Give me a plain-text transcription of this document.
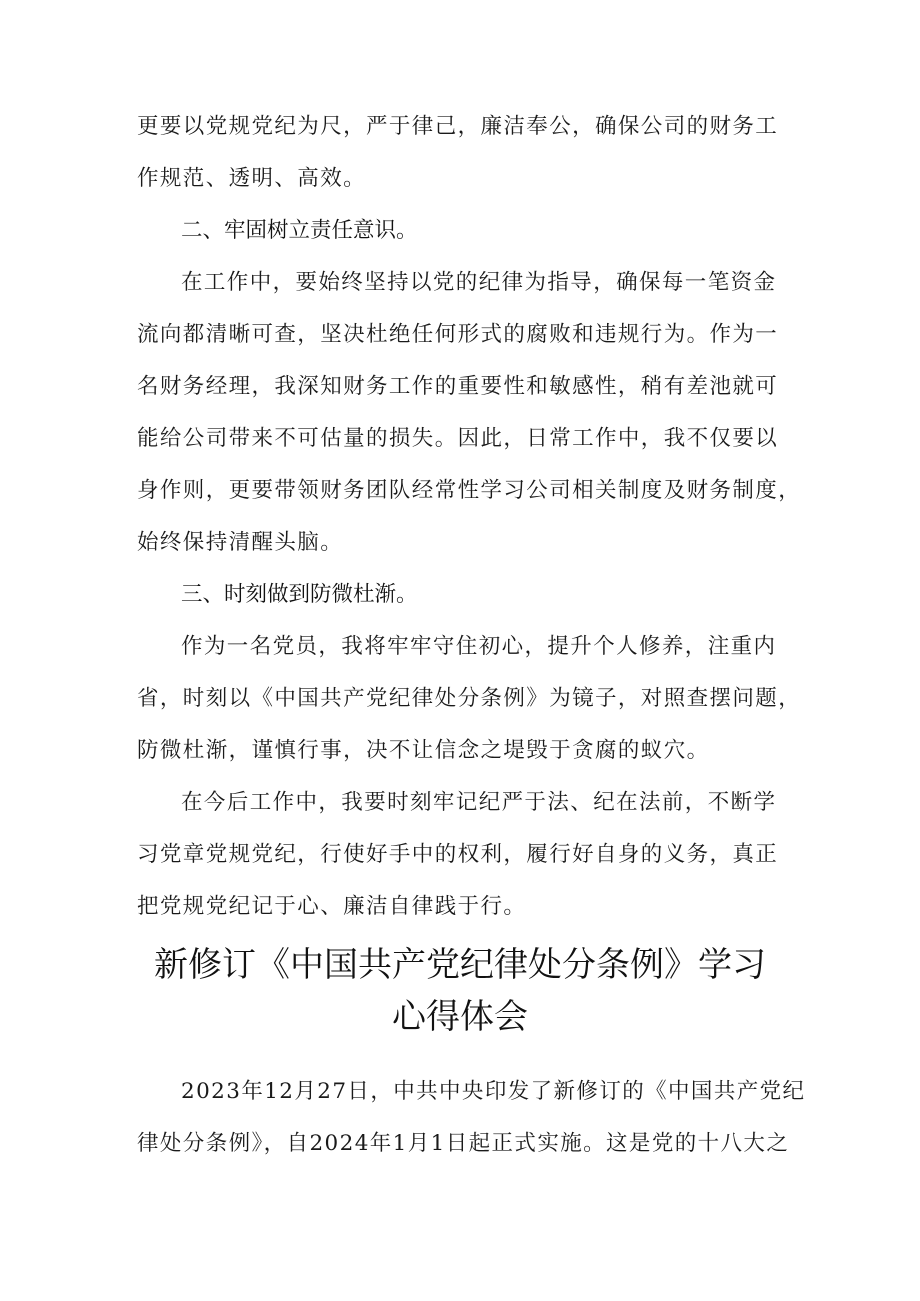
更要以党规党纪为尺，严于律己，廉洁奉公，确保公司的财务工
作规范、透明、高效。
二、牢固树立责任意识。
在工作中，要始终坚持以党的纪律为指导，确保每一笔资金
流向都清晰可查，坚决杜绝任何形式的腐败和违规行为。作为一
名财务经理，我深知财务工作的重要性和敏感性，稍有差池就可
能给公司带来不可估量的损失。因此，日常工作中，我不仅要以
身作则，更要带领财务团队经常性学习公司相关制度及财务制度，
始终保持清醒头脑。
三、时刻做到防微杜渐。
作为一名党员，我将牢牢守住初心，提升个人修养，注重内
省，时刻以《中国共产党纪律处分条例》为镜子，对照查摆问题，
防微杜渐，谨慎行事，决不让信念之堤毁于贪腐的蚁穴。
在今后工作中，我要时刻牢记纪严于法、纪在法前，不断学
习党章党规党纪，行使好手中的权利，履行好自身的义务，真正
把党规党纪记于心、廉洁自律践于行。
新修订《中国共产党纪律处分条例》学习
心得体会
2023年12月27日，中共中央印发了新修订的《中国共产党纪
律处分条例》，自2024年1月1日起正式实施。这是党的十八大之
